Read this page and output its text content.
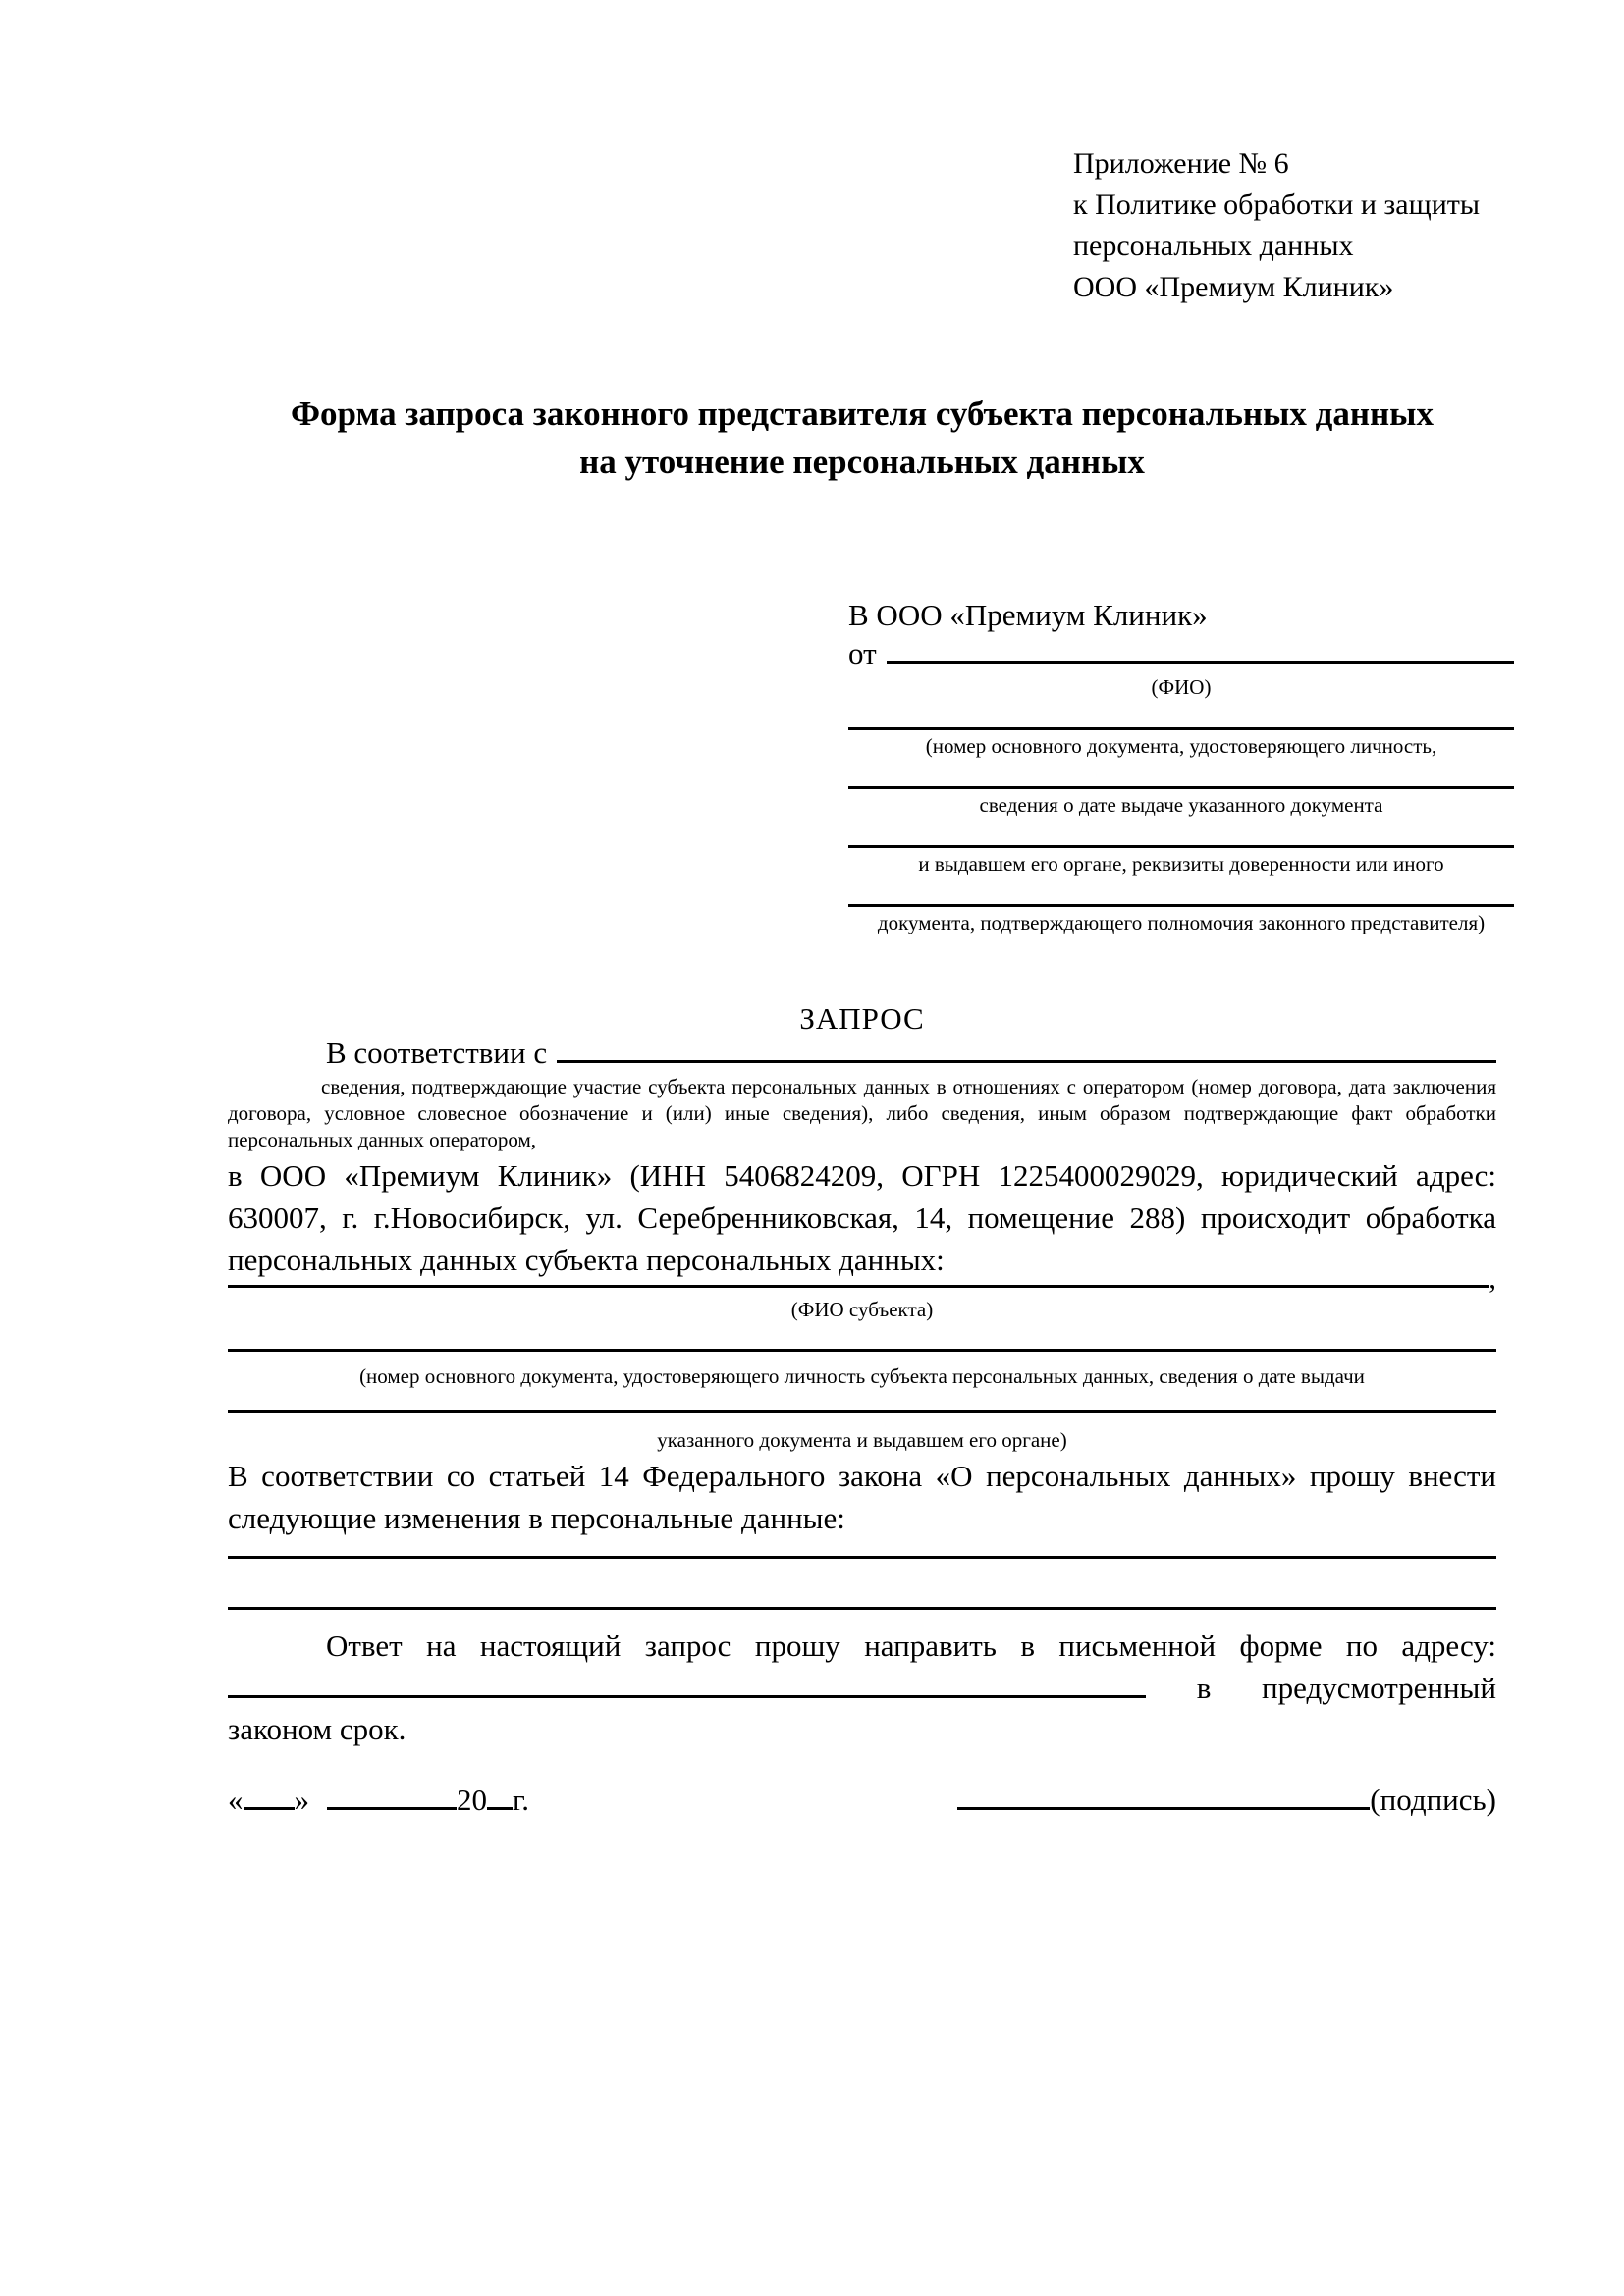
Приложение № 6
к Политике обработки и защиты
персональных данных
ООО «Премиум Клиник»
Форма запроса законного представителя субъекта персональных данных
на уточнение персональных данных
В ООО «Премиум Клиник»
от
(ФИО)
(номер основного документа, удостоверяющего личность,
сведения о дате выдаче указанного документа
и выдавшем его органе, реквизиты доверенности или иного
документа, подтверждающего полномочия законного представителя)
ЗАПРОС
В соответствии с
сведения, подтверждающие участие субъекта персональных данных в отношениях с оператором (номер договора, дата заключения договора, условное словесное обозначение и (или) иные сведения), либо сведения, иным образом подтверждающие факт обработки персональных данных оператором,
в ООО «Премиум Клиник» (ИНН 5406824209, ОГРН 1225400029029, юридический адрес: 630007, г. г.Новосибирск, ул. Серебренниковская, 14, помещение 288) происходит обработка персональных данных субъекта персональных данных:
,
(ФИО субъекта)
(номер основного документа, удостоверяющего личность субъекта персональных данных, сведения о дате выдачи
указанного документа и выдавшем его органе)
В соответствии со статьей 14 Федерального закона «О персональных данных» прошу внести следующие изменения в персональные данные:
Ответ на настоящий запрос прошу направить в письменной форме по адресу:
в предусмотренный
законом срок.
« »	20 г.	(подпись)
